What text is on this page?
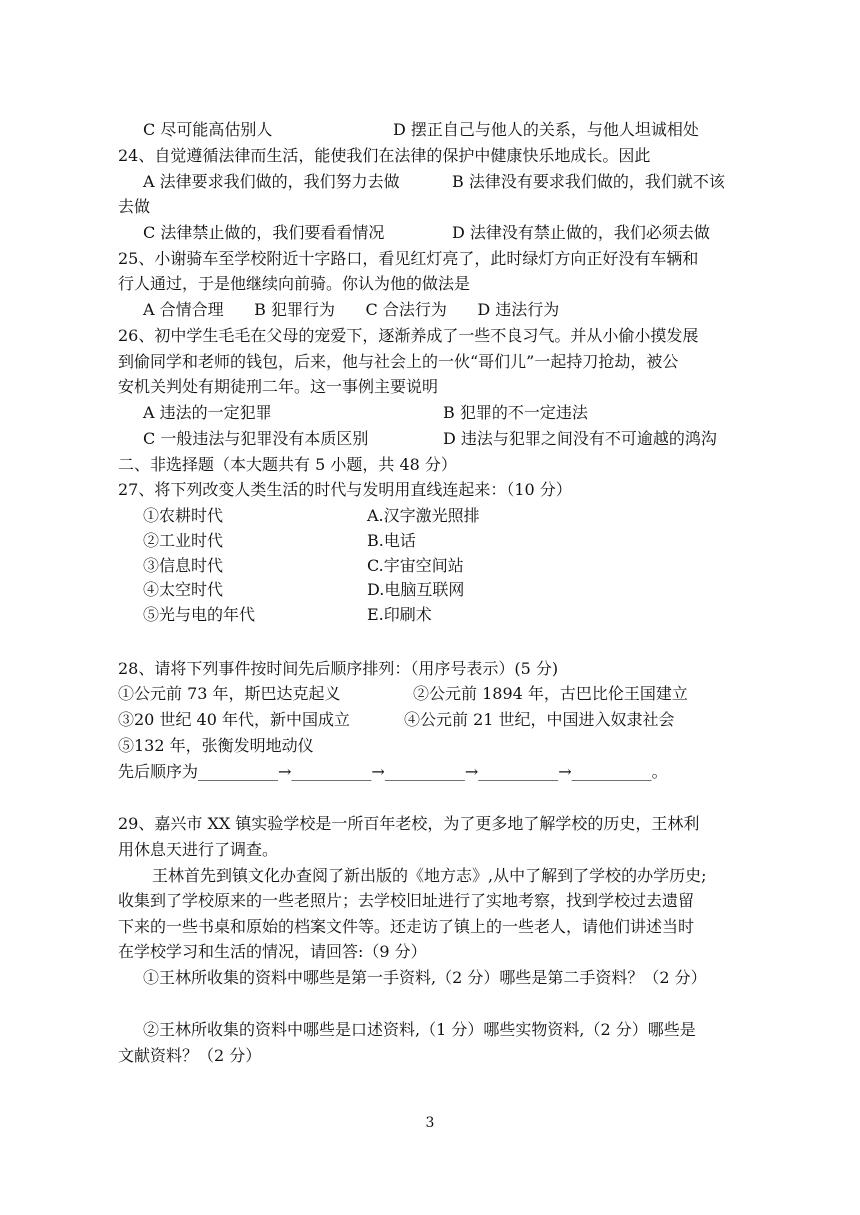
C 尽可能高估别人	D 摆正自己与他人的关系，与他人坦诚相处
24、自觉遵循法律而生活，能使我们在法律的保护中健康快乐地成长。因此
A 法律要求我们做的，我们努力去做	B 法律没有要求我们做的，我们就不该
去做
C 法律禁止做的，我们要看看情况	D 法律没有禁止做的，我们必须去做
25、小谢骑车至学校附近十字路口，看见红灯亮了，此时绿灯方向正好没有车辆和
行人通过，于是他继续向前骑。你认为他的做法是
A 合情合理      B 犯罪行为      C 合法行为      D 违法行为
26、初中学生毛毛在父母的宠爱下，逐渐养成了一些不良习气。并从小偷小摸发展
到偷同学和老师的钱包，后来，他与社会上的一伙“哥们儿”一起持刀抢劫，被公
安机关判处有期徒刑二年。这一事例主要说明
A 违法的一定犯罪	B 犯罪的不一定违法
C 一般违法与犯罪没有本质区别	D 违法与犯罪之间没有不可逾越的鸿沟
二、非选择题（本大题共有 5 小题，共 48 分）
27、将下列改变人类生活的时代与发明用直线连起来：（10 分）
①农耕时代	A.汉字激光照排
②工业时代	B.电话
③信息时代	C.宇宙空间站
④太空时代	D.电脑互联网
⑤光与电的年代	E.印刷术
28、请将下列事件按时间先后顺序排列：（用序号表示）(5 分)
①公元前 73 年，斯巴达克起义	②公元前 1894 年，古巴比伦王国建立
③20 世纪 40 年代，新中国成立	④公元前 21 世纪，中国进入奴隶社会
⑤132 年，张衡发明地动仪
先后顺序为__________→__________→__________→__________→__________。
29、嘉兴市 XX 镇实验学校是一所百年老校，为了更多地了解学校的历史，王林利
用休息天进行了调查。
王林首先到镇文化办查阅了新出版的《地方志》,从中了解到了学校的办学历史;
收集到了学校原来的一些老照片；去学校旧址进行了实地考察，找到学校过去遗留
下来的一些书桌和原始的档案文件等。还走访了镇上的一些老人，请他们讲述当时
在学校学习和生活的情况，请回答:（9 分）
①王林所收集的资料中哪些是第一手资料,（2 分）哪些是第二手资料？（2 分）
②王林所收集的资料中哪些是口述资料,（1 分）哪些实物资料,（2 分）哪些是
文献资料？（2 分）
3
